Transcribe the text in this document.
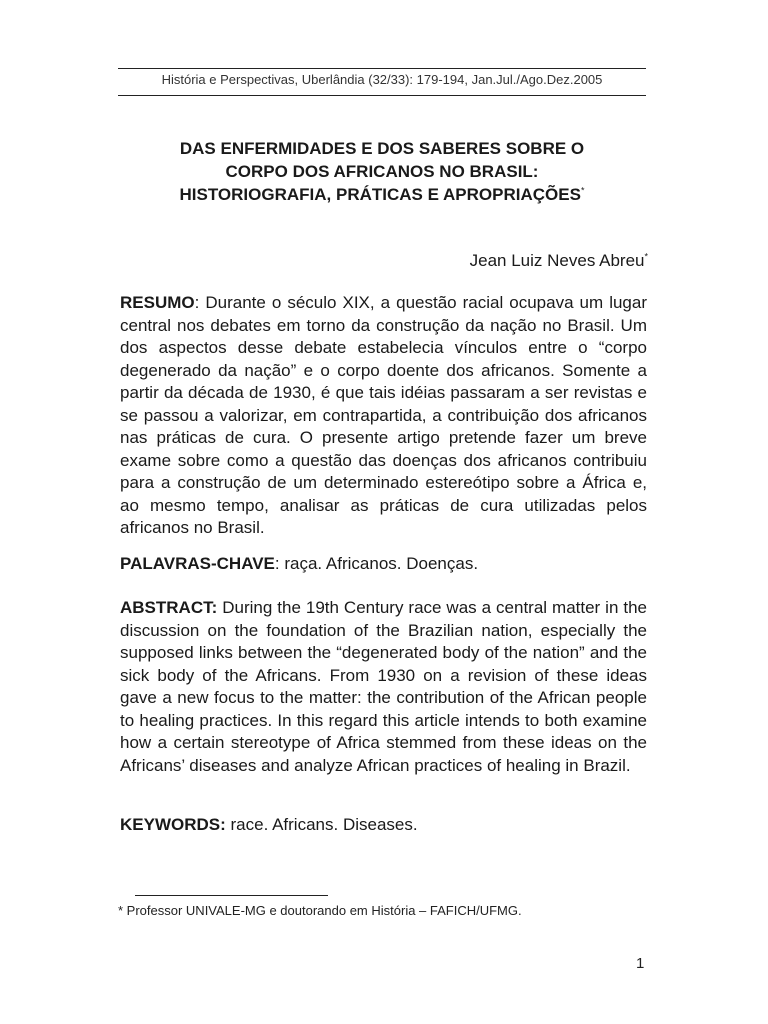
História e Perspectivas, Uberlândia (32/33): 179-194, Jan.Jul./Ago.Dez.2005
DAS ENFERMIDADES E DOS SABERES SOBRE O
CORPO DOS AFRICANOS NO BRASIL:
HISTORIOGRAFIA, PRÁTICAS E APROPRIAÇÕES*
Jean Luiz Neves Abreu*
RESUMO: Durante o século XIX, a questão racial ocupava um lugar central nos debates em torno da construção da nação no Brasil. Um dos aspectos desse debate estabelecia vínculos entre o “corpo degenerado da nação” e o corpo doente dos africanos. Somente a partir da década de 1930, é que tais idéias passaram a ser revistas e se passou a valorizar, em contrapartida, a contribuição dos africanos nas práticas de cura. O presente artigo pretende fazer um breve exame sobre como a questão das doenças dos africanos contribuiu para a construção de um determinado estereótipo sobre a África e, ao mesmo tempo, analisar as práticas de cura utilizadas pelos africanos no Brasil.
PALAVRAS-CHAVE: raça. Africanos. Doenças.
ABSTRACT: During the 19th Century race was a central matter in the discussion on the foundation of the Brazilian nation, especially the supposed links between the “degenerated body of the nation” and the sick body of the Africans. From 1930 on a revision of these ideas gave a new focus to the matter: the contribution of the African people to healing practices. In this regard this article intends to both examine how a certain stereotype of Africa stemmed from these ideas on the Africans’ diseases and analyze African practices of healing in Brazil.
KEYWORDS: race. Africans. Diseases.
* Professor UNIVALE-MG e doutorando em História – FAFICH/UFMG.
1
